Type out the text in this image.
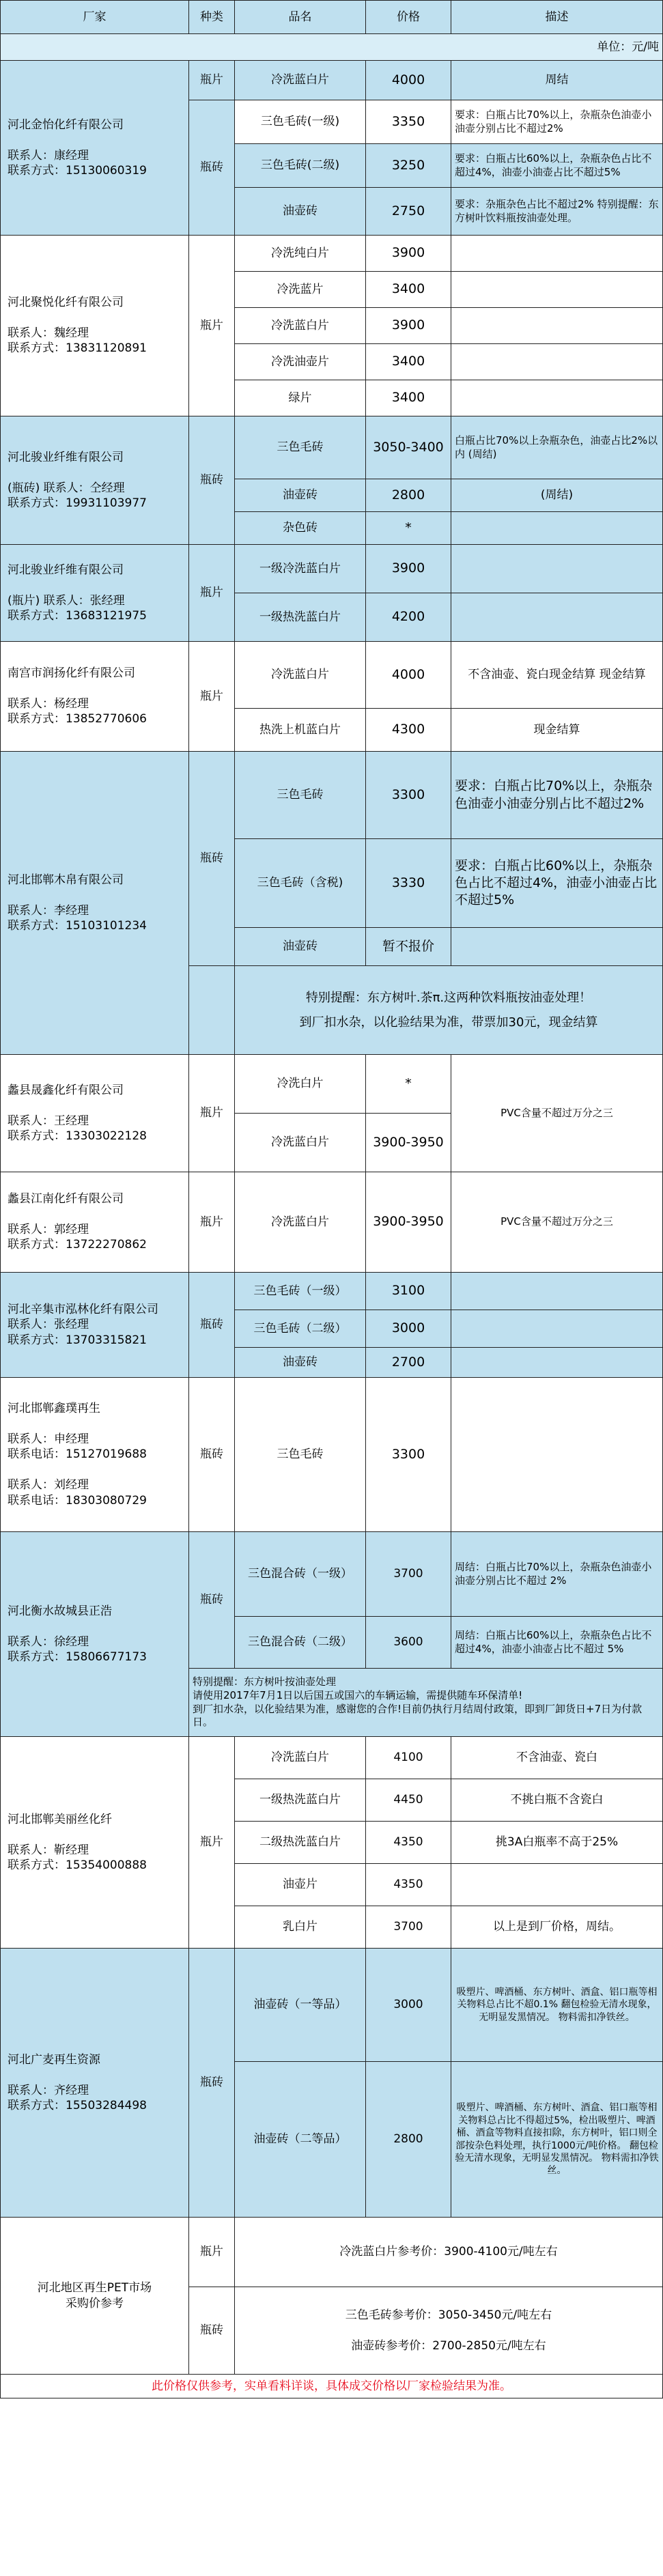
厂家	种类	品名	价格	描述
单位：元/吨				

河北金怡化纤有限公司

联系人：康经理
联系方式：15130060319	瓶片	冷洗蓝白片	4000	周结
	瓶砖	三色毛砖(一级)	3350	要求：白瓶占比70%以上，杂瓶杂色油壶小油壶分别占比不超过2%
		三色毛砖(二级)	3250	要求：白瓶占比60%以上，杂瓶杂色占比不超过4%，油壶小油壶占比不超过5%
		油壶砖	2750	要求：杂瓶杂色占比不超过2% 特别提醒：东方树叶饮料瓶按油壶处理。

河北聚悦化纤有限公司

联系人：魏经理
联系方式：13831120891	瓶片	冷洗纯白片	3900	
		冷洗蓝片	3400	
		冷洗蓝白片	3900	
		冷洗油壶片	3400	
		绿片	3400	

河北骏业纤维有限公司

(瓶砖) 联系人：仝经理
联系方式：19931103977	瓶砖	三色毛砖	3050-3400	白瓶占比70%以上杂瓶杂色，油壶占比2%以内 (周结)
		油壶砖	2800	(周结)
		杂色砖	*	

河北骏业纤维有限公司

(瓶片) 联系人：张经理
联系方式：13683121975	瓶片	一级冷洗蓝白片	3900	
		一级热洗蓝白片	4200	

南宫市润扬化纤有限公司

联系人：杨经理
联系方式：13852770606	瓶片	冷洗蓝白片	4000	不含油壶、瓷白现金结算 现金结算
		热洗上机蓝白片	4300	现金结算

河北邯郸木帛有限公司

联系人：李经理
联系方式：15103101234	瓶砖	三色毛砖	3300	要求：白瓶占比70%以上，杂瓶杂色油壶小油壶分别占比不超过2%
		三色毛砖（含税)	3330	要求：白瓶占比60%以上，杂瓶杂色占比不超过4%，油壶小油壶占比不超过5%
		油壶砖	暂不报价	

		特别提醒：东方树叶.茶π.这两种饮料瓶按油壶处理！
到厂扣水杂，以化验结果为准，带票加30元，现金结算		

蠡县晟鑫化纤有限公司

联系人：王经理
联系方式：13303022128	瓶片	冷洗白片	*	PVC含量不超过万分之三
		冷洗蓝白片	3900-3950	

蠡县江南化纤有限公司

联系人：郭经理
联系方式：13722270862	瓶片	冷洗蓝白片	3900-3950	PVC含量不超过万分之三

河北辛集市泓林化纤有限公司
联系人：张经理
联系方式：13703315821	瓶砖	三色毛砖（一级）	3100	
		三色毛砖（二级）	3000	
		油壶砖	2700	

河北邯郸鑫璞再生

联系人：申经理
联系电话：15127019688

联系人：刘经理
联系电话：18303080729	瓶砖	三色毛砖	3300	

河北衡水故城县正浩

联系人：徐经理
联系方式：15806677173	瓶砖	三色混合砖（一级）	3700	周结：白瓶占比70%以上，杂瓶杂色油壶小油壶分别占比不超过 2%
		三色混合砖（二级）	3600	周结：白瓶占比60%以上，杂瓶杂色占比不超过4%，油壶小油壶占比不超过 5%

	特别提醒：东方树叶按油壶处理
请使用2017年7月1日以后国五或国六的车辆运输，需提供随车环保清单!
到厂扣水杂，以化验结果为准，感谢您的合作!目前仍执行月结周付政策，即到厂卸货日+7日为付款日。			

河北邯郸美丽丝化纤

联系人：靳经理
联系方式：15354000888	瓶片	冷洗蓝白片	4100	不含油壶、瓷白
		一级热洗蓝白片	4450	不挑白瓶不含瓷白
		二级热洗蓝白片	4350	挑3A白瓶率不高于25%
		油壶片	4350	
		乳白片	3700	以上是到厂价格，周结。

河北广麦再生资源

联系人：齐经理
联系方式：15503284498	瓶砖	油壶砖（一等品）	3000	吸塑片、啤酒桶、东方树叶、酒盒、铝口瓶等相关物料总占比不超0.1% 翻包检验无清水现象，无明显发黑情况。 物料需扣净铁丝。
		油壶砖（二等品）	2800	吸塑片、啤酒桶、东方树叶、酒盒、铝口瓶等相关物料总占比不得超过5%，检出吸塑片、啤酒桶、酒盒等物料直接扣除，东方树叶，铝口则全部按杂色料处理，执行1000元/吨价格。 翻包检验无清水现象，无明显发黑情况。 物料需扣净铁丝。

河北地区再生PET市场
采购价参考	瓶片	冷洗蓝白片参考价：3900-4100元/吨左右		
	瓶砖	三色毛砖参考价：3050-3450元/吨左右
油壶砖参考价：2700-2850元/吨左右		

此价格仅供参考，实单看料详谈，具体成交价格以厂家检验结果为准。				
